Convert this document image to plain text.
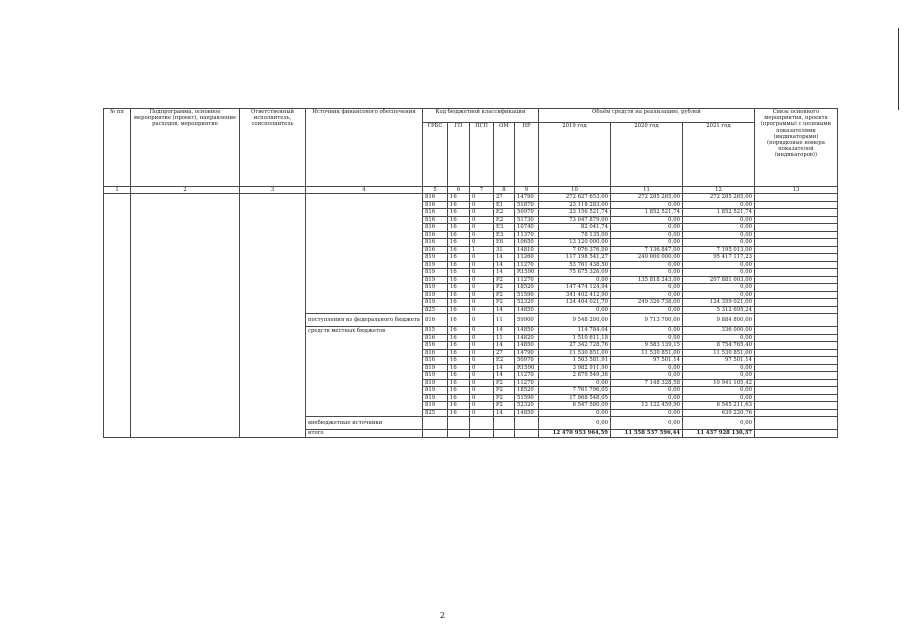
№ пп	Подпрограмма, основное мероприятие (проект), направление расходов, мероприятие	Ответственный исполнитель, соисполнитель	Источник финансового обеспечения	Код бюджетной классификации					Объём средств на реализацию, рублей			Связь основного мероприятия, проекта (программы) с целевыми показателями (индикаторами) (порядковые номера показателей (индикаторов))
				ГРБС	ГП	ПГП	ОМ	НР	2019 год	2020 год	2021 год	
1	2	3	4	5	6	7	8	9	10	11	12	13
				816	16	0	27	14790	272 627 653,00	272 285 265,00	272 285 265,00	
				816	16	0	E1	51870	23 118 283,00	0,00	0,00	
				816	16	0	E2	50970	23 156 521,74	1 852 521,74	1 852 521,74	
				816	16	0	E2	51730	73 047 879,00	0,00	0,00	
				816	16	0	E3	10740	82 041,74	0,00	0,00	
				816	16	0	E3	11370	78 135,09	0,00	0,00	
				816	16	0	E6	10650	13 120 000,00	0,00	0,00	
				816	16	1	31	14810	7 076 376,00	7 136 847,00	7 195 013,00	
				819	16	0	14	11260	117 198 541,27	240 000 000,00	95 417 117,23	
				819	16	0	14	11270	53 761 438,50	0,00	0,00	
				819	16	0	14	R1590	75 675 326,09	0,00	0,00	
				819	16	0	P2	11270	0,00	135 818 243,00	207 881 003,00	
				819	16	0	P2	18520	147 474 124,94	0,00	0,00	
				819	16	0	P2	51590	341 402 412,90	0,00	0,00	
				819	16	0	P2	52320	124 404 021,70	249 326 738,00	124 359 021,00	
				825	16	0	14	14850	0,00	0,00	5 312 695,24	
			поступления из федерального бюджета	816	16	0	11	59900	9 548 200,00	9 713 700,00	9 884 800,00	
			средств местных бюджетов	815	16	0	14	14850	114 784,04	0,00	336 000,00	
				816	16	0	11	14820	1 510 611,18	0,00	0,00	
				816	16	0	14	14850	27 342 728,76	9 583 139,15	8 754 765,40	
				816	16	0	27	14790	11 530 851,00	11 530 851,00	11 530 851,00	
				816	16	0	E2	50970	1 503 581,91	97 501,14	97 501,14	
				819	16	0	14	R1590	3 982 911,90	0,00	0,00	
				819	16	0	14	11270	2 879 549,36	0,00	0,00	
				819	16	0	P2	11270	0,00	7 148 328,58	10 941 105,42	
				819	16	0	P2	18520	7 761 796,05	0,00	0,00	
				819	16	0	P2	51590	17 968 548,05	0,00	0,00	
				819	16	0	P2	52320	6 547 580,09	13 122 459,90	6 545 211,63	
				825	16	0	14	14850	0,00	0,00	639 220,76	
			внебюджетные источники						0,00	0,00	0,00	
			итого						12 470 953 964,59	11 558 537 596,44	11 437 928 130,37	
2
